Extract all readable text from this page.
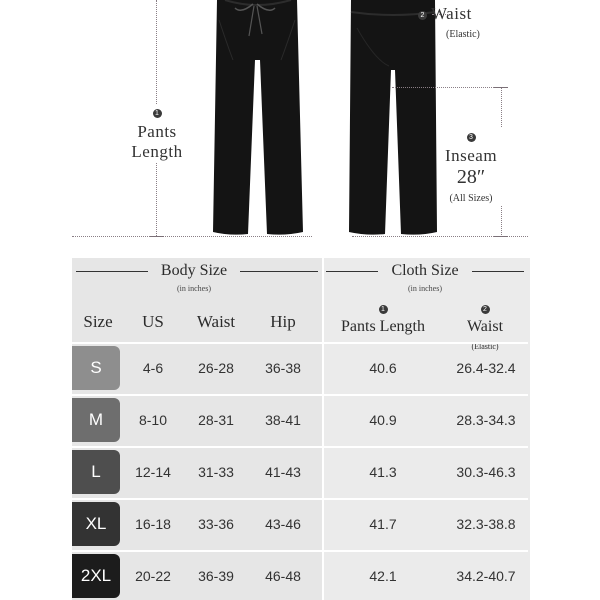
1
Pants
Length
2 Waist
(Elastic)
3
Inseam
28″
(All Sizes)
Body Size
(in inches)
Cloth Size
(in inches)
Size	US	Waist	Hip
1
Pants Length
2
Waist
(Elastic)
S	4-6	26-28	36-38	40.6	26.4-32.4
M	8-10	28-31	38-41	40.9	28.3-34.3
L	12-14	31-33	41-43	41.3	30.3-46.3
XL	16-18	33-36	43-46	41.7	32.3-38.8
2XL	20-22	36-39	46-48	42.1	34.2-40.7
